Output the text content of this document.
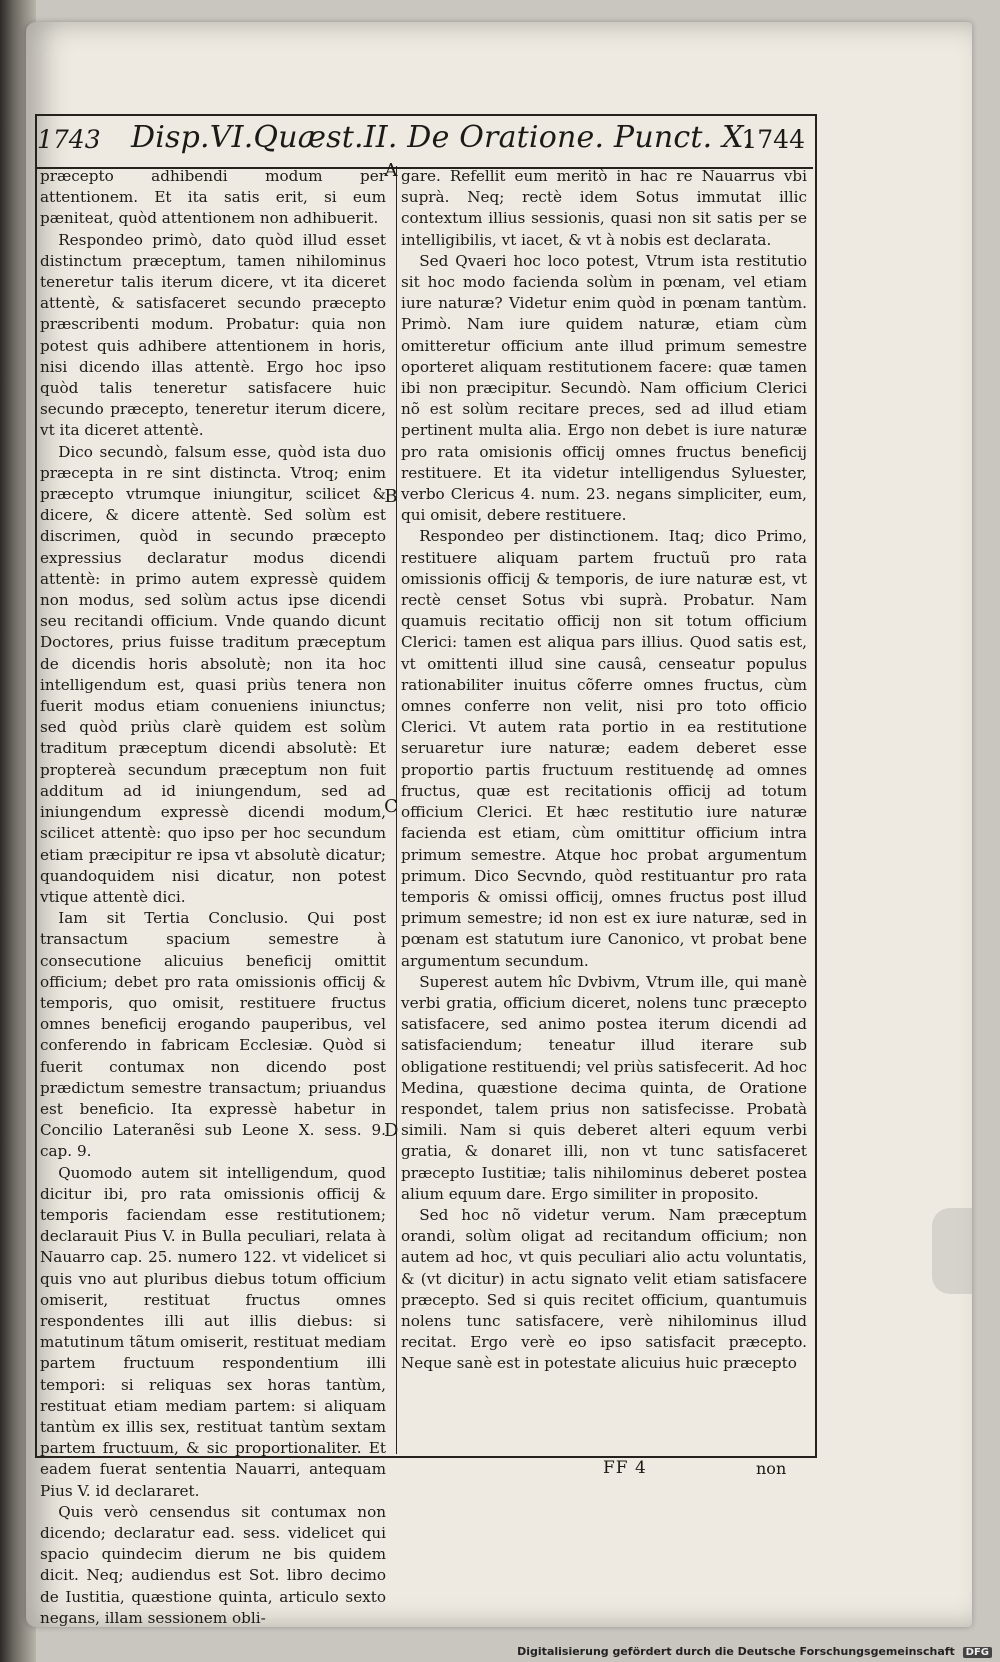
1743 Disp.VI.Quæst.II. De Oratione. Punct. X.
1744

præcepto adhibendi modum per attentionem. Et ita satis erit, si eum pæniteat, quòd attentionem non adhibuerit.

Respondeo primò, dato quòd illud esset distinctum præceptum, tamen nihilominus teneretur talis iterum dicere, vt ita diceret attentè, & satisfaceret secundo præcepto præscribenti modum. Probatur: quia non potest quis adhibere attentionem in horis, nisi dicendo illas attentè. Ergo hoc ipso quòd talis teneretur satisfacere huic secundo præcepto, teneretur iterum dicere, vt ita diceret attentè.

Dico secundò, falsum esse, quòd ista duo præcepta in re sint distincta. Vtroq; enim præcepto vtrumque iniungitur, scilicet & dicere, & dicere attentè. Sed solùm est discrimen, quòd in secundo præcepto expressius declaratur modus dicendi attentè: in primo autem expressè quidem non modus, sed solùm actus ipse dicendi seu recitandi officium. Vnde quando dicunt Doctores, prius fuisse traditum præceptum de dicendis horis absolutè; non ita hoc intelligendum est, quasi priùs tenera non fuerit modus etiam conueniens iniunctus; sed quòd priùs clarè quidem est solùm traditum præceptum dicendi absolutè: Et proptereà secundum præceptum non fuit additum ad id iniungendum, sed ad iniungendum expressè dicendi modum, scilicet attentè: quo ipso per hoc secundum etiam præcipitur re ipsa vt absolutè dicatur; quandoquidem nisi dicatur, non potest vtique attentè dici.

Iam sit Tertia Conclusio. Qui post transactum spacium semestre à consecutione alicuius beneficij omittit officium; debet pro rata omissionis officij & temporis, quo omisit, restituere fructus omnes beneficij erogando pauperibus, vel conferendo in fabricam Ecclesiæ. Quòd si fuerit contumax non dicendo post prædictum semestre transactum; priuandus est beneficio. Ita expressè habetur in Concilio Lateranẽsi sub Leone X. sess. 9. cap. 9.

Quomodo autem sit intelligendum, quod dicitur ibi, pro rata omissionis officij & temporis faciendam esse restitutionem; declarauit Pius V. in Bulla peculiari, relata à Nauarro cap. 25. numero 122. vt videlicet si quis vno aut pluribus diebus totum officium omiserit, restituat fructus omnes respondentes illi aut illis diebus: si matutinum tãtum omiserit, restituat mediam partem fructuum respondentium illi tempori: si reliquas sex horas tantùm, restituat etiam mediam partem: si aliquam tantùm ex illis sex, restituat tantùm sextam partem fructuum, & sic proportionaliter. Et eadem fuerat sententia Nauarri, antequam Pius V. id declararet.

Quis verò censendus sit contumax non dicendo; declaratur ead. sess. videlicet qui spacio quindecim dierum ne bis quidem dicit. Neq; audiendus est Sot. libro decimo de Iustitia, quæstione quinta, articulo sexto negans, illam sessionem obli-

A
B
C
D

gare. Refellit eum meritò in hac re Nauarrus vbi suprà. Neq; rectè idem Sotus immutat illic contextum illius sessionis, quasi non sit satis per se intelligibilis, vt iacet, & vt à nobis est declarata.

Sed Qvaeri hoc loco potest, Vtrum ista restitutio sit hoc modo facienda solùm in pœnam, vel etiam iure naturæ? Videtur enim quòd in pœnam tantùm. Primò. Nam iure quidem naturæ, etiam cùm omitteretur officium ante illud primum semestre oporteret aliquam restitutionem facere: quæ tamen ibi non præcipitur. Secundò. Nam officium Clerici nõ est solùm recitare preces, sed ad illud etiam pertinent multa alia. Ergo non debet is iure naturæ pro rata omisionis officij omnes fructus beneficij restituere. Et ita videtur intelligendus Syluester, verbo Clericus 4. num. 23. negans simpliciter, eum, qui omisit, debere restituere.

Respondeo per distinctionem. Itaq; dico Primo, restituere aliquam partem fructuũ pro rata omissionis officij & temporis, de iure naturæ est, vt rectè censet Sotus vbi suprà. Probatur. Nam quamuis recitatio officij non sit totum officium Clerici: tamen est aliqua pars illius. Quod satis est, vt omittenti illud sine causâ, censeatur populus rationabiliter inuitus cõferre omnes fructus, cùm omnes conferre non velit, nisi pro toto officio Clerici. Vt autem rata portio in ea restitutione seruaretur iure naturæ; eadem deberet esse proportio partis fructuum restituendę ad omnes fructus, quæ est recitationis officij ad totum officium Clerici. Et hæc restitutio iure naturæ facienda est etiam, cùm omittitur officium intra primum semestre. Atque hoc probat argumentum primum. Dico Secvndo, quòd restituantur pro rata temporis & omissi officij, omnes fructus post illud primum semestre; id non est ex iure naturæ, sed in pœnam est statutum iure Canonico, vt probat bene argumentum secundum.

Superest autem hîc Dvbivm, Vtrum ille, qui manè verbi gratia, officium diceret, nolens tunc præcepto satisfacere, sed animo postea iterum dicendi ad satisfaciendum; teneatur illud iterare sub obligatione restituendi; vel priùs satisfecerit. Ad hoc Medina, quæstione decima quinta, de Oratione respondet, talem prius non satisfecisse. Probatà simili. Nam si quis deberet alteri equum verbi gratia, & donaret illi, non vt tunc satisfaceret præcepto Iustitiæ; talis nihilominus deberet postea alium equum dare. Ergo similiter in proposito.

Sed hoc nõ videtur verum. Nam præceptum orandi, solùm oligat ad recitandum officium; non autem ad hoc, vt quis peculiari alio actu voluntatis, & (vt dicitur) in actu signato velit etiam satisfacere præcepto. Sed si quis recitet officium, quantumuis nolens tunc satisfacere, verè nihilominus illud recitat. Ergo verè eo ipso satisfacit præcepto. Neque sanè est in potestate alicuius huic præcepto

FF 4	non
Digitalisierung gefördert durch die Deutsche Forschungsgemeinschaft DFG
